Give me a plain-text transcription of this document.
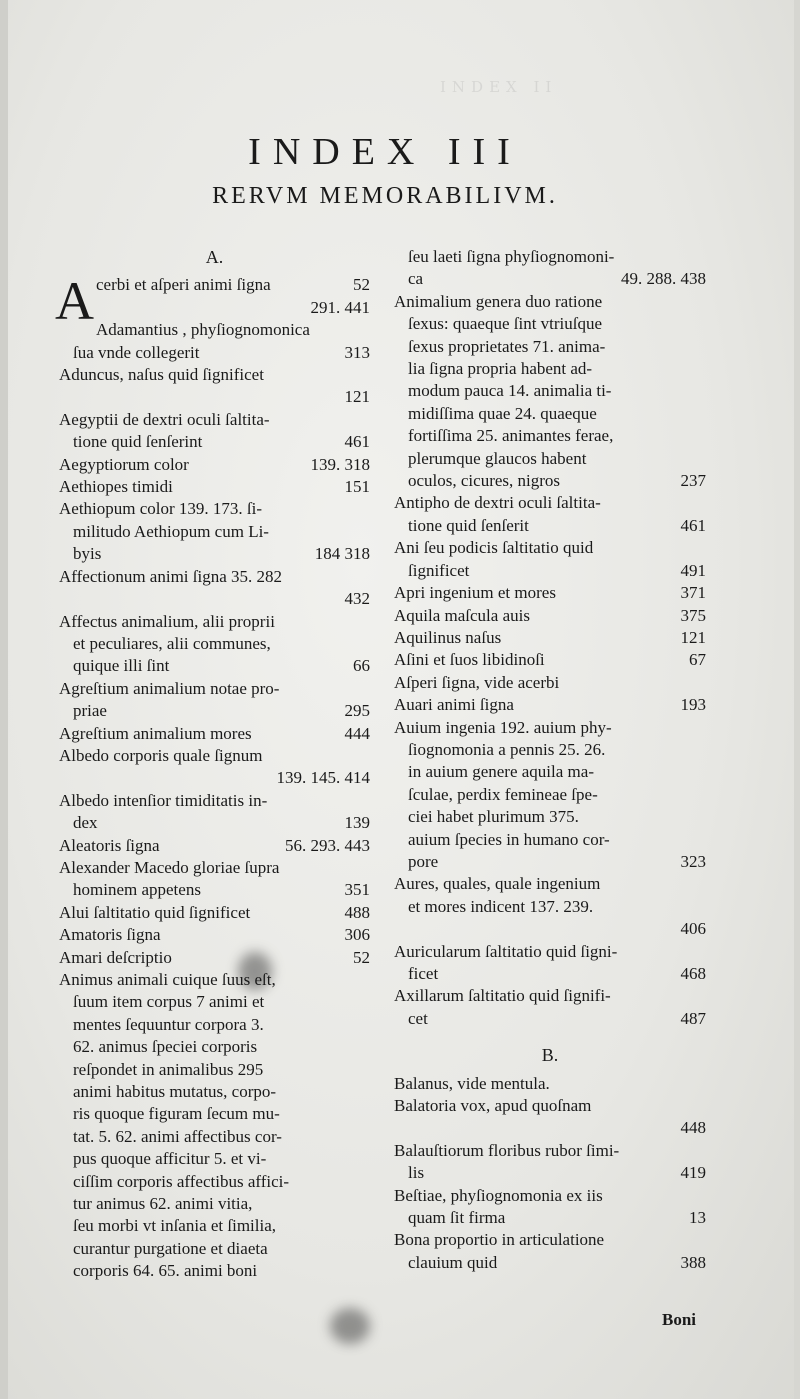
INDEX II
INDEX III
RERVM MEMORABILIVM.
A.
52
A cerbi et aſperi animi ſigna
291. 441

Adamantius , phyſiognomonica
313
ſua vnde collegerit
Aduncus, naſus quid ſignificet
121

Aegyptii de dextri oculi ſaltita-
461
tione quid ſenſerint
139. 318
Aegyptiorum color
151
Aethiopes timidi
Aethiopum color 139. 173. ſi-
militudo Aethiopum cum Li-
184 318
byis
Affectionum animi ſigna 35. 282
432

Affectus animalium, alii proprii
et peculiares, alii communes,
66
quique illi ſint
Agreſtium animalium notae pro-
295
priae
444
Agreſtium animalium mores
Albedo corporis quale ſignum
139. 145. 414

Albedo intenſior timiditatis in-
139
dex
56. 293. 443
Aleatoris ſigna
Alexander Macedo gloriae ſupra
351
hominem appetens
488
Alui ſaltitatio quid ſignificet
306
Amatoris ſigna
52
Amari deſcriptio
Animus animali cuique ſuus eſt,
ſuum item corpus 7 animi et
mentes ſequuntur corpora 3.
62. animus ſpeciei corporis
reſpondet in animalibus 295
animi habitus mutatus, corpo-
ris quoque figuram ſecum mu-
tat. 5. 62. animi affectibus cor-
pus quoque afficitur 5. et vi-
ciſſim corporis affectibus affici-
tur animus 62. animi vitia,
ſeu morbi vt inſania et ſimilia,
curantur purgatione et diaeta
corporis 64. 65. animi boni
ſeu laeti ſigna phyſiognomoni-
49. 288. 438
ca
Animalium genera duo ratione
ſexus: quaeque ſint vtriuſque
ſexus proprietates 71. anima-
lia ſigna propria habent ad-
modum pauca 14. animalia ti-
midiſſima quae 24. quaeque
fortiſſima 25. animantes ferae,
plerumque glaucos habent
237
oculos, cicures, nigros
Antipho de dextri oculi ſaltita-
461
tione quid ſenſerit
Ani ſeu podicis ſaltitatio quid
491
ſignificet
371
Apri ingenium et mores
375
Aquila maſcula auis
121
Aquilinus naſus
67
Aſini et ſuos libidinoſi
Aſperi ſigna, vide acerbi
193
Auari animi ſigna
Auium ingenia 192. auium phy-
ſiognomonia a pennis 25. 26.
in auium genere aquila ma-
ſculae, perdix femineae ſpe-
ciei habet plurimum 375.
auium ſpecies in humano cor-
323
pore
Aures, quales, quale ingenium
et mores indicent 137. 239.
406

Auricularum ſaltitatio quid ſigni-
468
ficet
Axillarum ſaltitatio quid ſignifi-
487
cet
B.
Balanus, vide mentula.
Balatoria vox, apud quoſnam
448

Balauſtiorum floribus rubor ſimi-
419
lis
Beſtiae, phyſiognomonia ex iis
13
quam ſit firma
Bona proportio in articulatione
388
clauium quid
Boni
